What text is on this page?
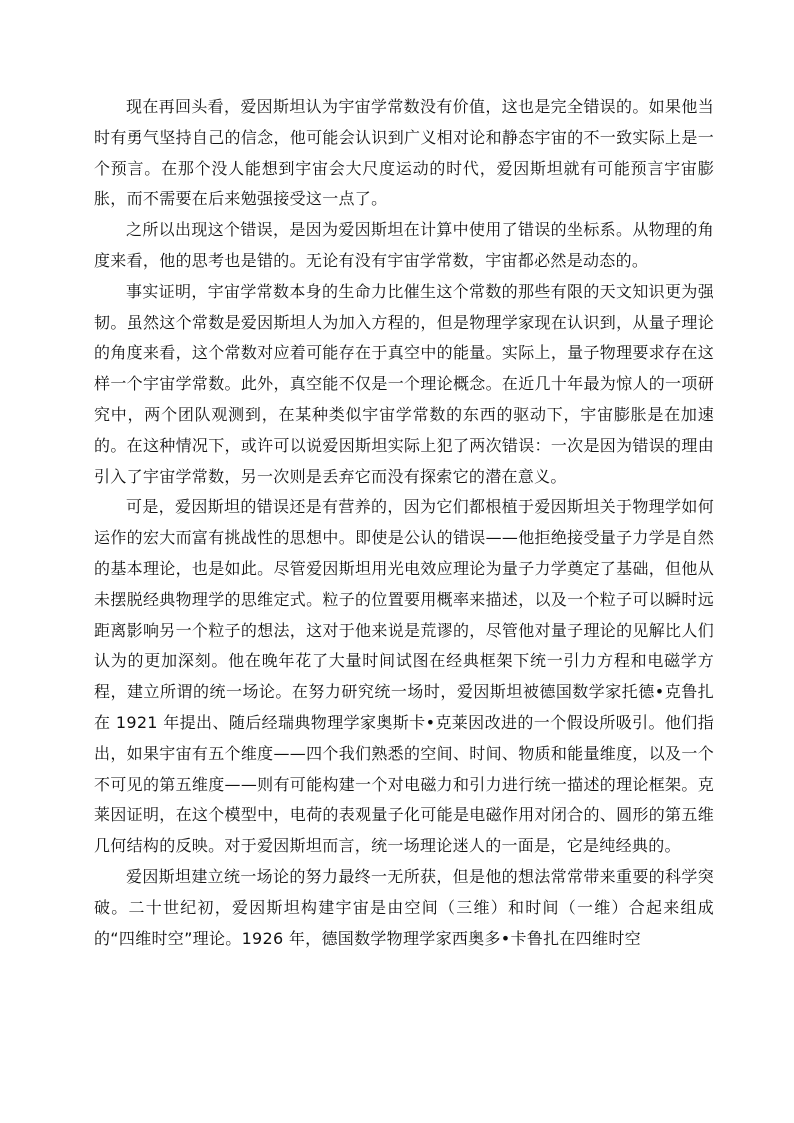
现在再回头看，爱因斯坦认为宇宙学常数没有价值，这也是完全错误的。如果他当时有勇气坚持自己的信念，他可能会认识到广义相对论和静态宇宙的不一致实际上是一个预言。在那个没人能想到宇宙会大尺度运动的时代，爱因斯坦就有可能预言宇宙膨胀，而不需要在后来勉强接受这一点了。

之所以出现这个错误，是因为爱因斯坦在计算中使用了错误的坐标系。从物理的角度来看，他的思考也是错的。无论有没有宇宙学常数，宇宙都必然是动态的。

事实证明，宇宙学常数本身的生命力比催生这个常数的那些有限的天文知识更为强韧。虽然这个常数是爱因斯坦人为加入方程的，但是物理学家现在认识到，从量子理论的角度来看，这个常数对应着可能存在于真空中的能量。实际上，量子物理要求存在这样一个宇宙学常数。此外，真空能不仅是一个理论概念。在近几十年最为惊人的一项研究中，两个团队观测到，在某种类似宇宙学常数的东西的驱动下，宇宙膨胀是在加速的。在这种情况下，或许可以说爱因斯坦实际上犯了两次错误：一次是因为错误的理由引入了宇宙学常数，另一次则是丢弃它而没有探索它的潜在意义。

可是，爱因斯坦的错误还是有营养的，因为它们都根植于爱因斯坦关于物理学如何运作的宏大而富有挑战性的思想中。即使是公认的错误——他拒绝接受量子力学是自然的基本理论，也是如此。尽管爱因斯坦用光电效应理论为量子力学奠定了基础，但他从未摆脱经典物理学的思维定式。粒子的位置要用概率来描述，以及一个粒子可以瞬时远距离影响另一个粒子的想法，这对于他来说是荒谬的，尽管他对量子理论的见解比人们认为的更加深刻。他在晚年花了大量时间试图在经典框架下统一引力方程和电磁学方程，建立所谓的统一场论。在努力研究统一场时，爱因斯坦被德国数学家托德•克鲁扎在 1921 年提出、随后经瑞典物理学家奥斯卡•克莱因改进的一个假设所吸引。他们指出，如果宇宙有五个维度——四个我们熟悉的空间、时间、物质和能量维度，以及一个不可见的第五维度——则有可能构建一个对电磁力和引力进行统一描述的理论框架。克莱因证明，在这个模型中，电荷的表观量子化可能是电磁作用对闭合的、圆形的第五维几何结构的反映。对于爱因斯坦而言，统一场理论迷人的一面是，它是纯经典的。

爱因斯坦建立统一场论的努力最终一无所获，但是他的想法常常带来重要的科学突破。二十世纪初，爱因斯坦构建宇宙是由空间（三维）和时间（一维）合起来组成的“四维时空”理论。1926 年，德国数学物理学家西奥多•卡鲁扎在四维时空
